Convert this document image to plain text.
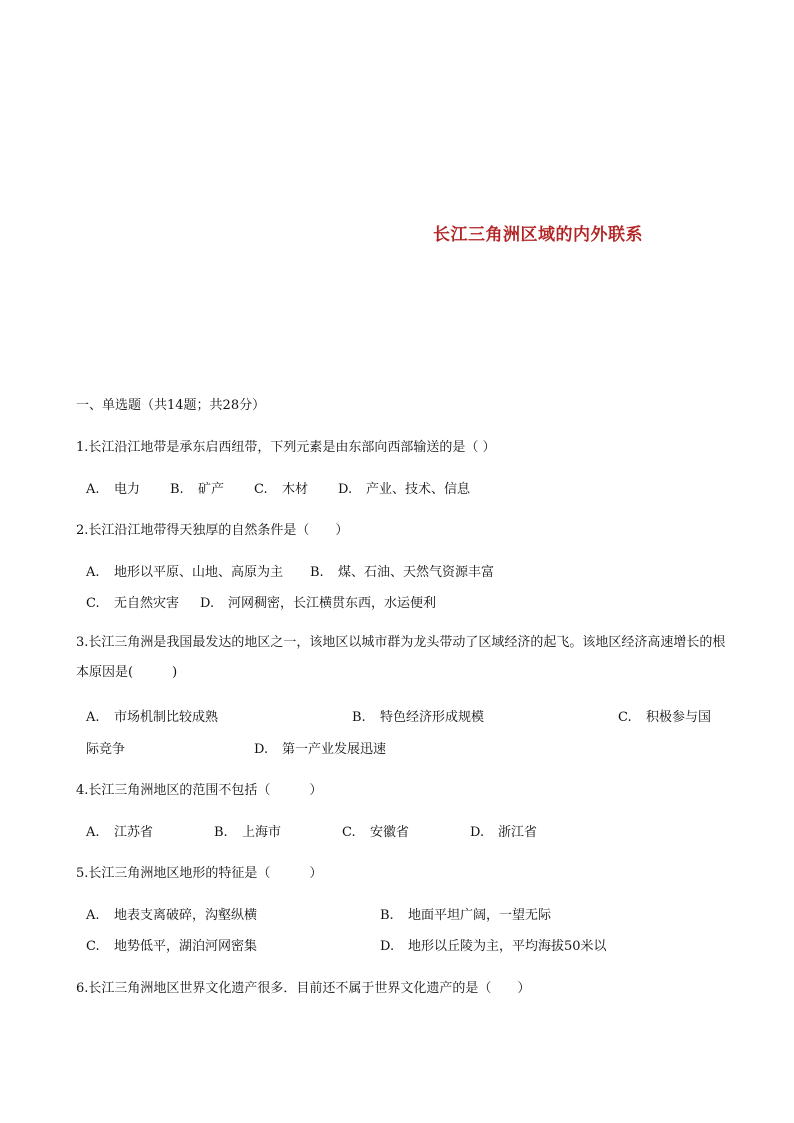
长江三角洲区域的内外联系
一、单选题（共14题；共28分）
1.长江沿江地带是承东启西纽带，下列元素是由东部向西部输送的是（ ）
A. 电力 B. 矿产 C. 木材 D. 产业、技术、信息
2.长江沿江地带得天独厚的自然条件是（　　）
A. 地形以平原、山地、高原为主 B. 煤、石油、天然气资源丰富
C. 无自然灾害 D. 河网稠密，长江横贯东西，水运便利
3.长江三角洲是我国最发达的地区之一，该地区以城市群为龙头带动了区域经济的起飞。该地区经济高速增长的根本原因是(　　　)
A. 市场机制比较成熟	B. 特色经济形成规模	C. 积极参与国
际竞争	D. 第一产业发展迅速
4.长江三角洲地区的范围不包括（　　　）
A. 江苏省	B. 上海市	C. 安徽省	D. 浙江省
5.长江三角洲地区地形的特征是（　　　）
A. 地表支离破碎，沟壑纵横	B. 地面平坦广阔，一望无际
C. 地势低平，湖泊河网密集	D. 地形以丘陵为主，平均海拔50米以
6.长江三角洲地区世界文化遗产很多．目前还不属于世界文化遗产的是（　　）
